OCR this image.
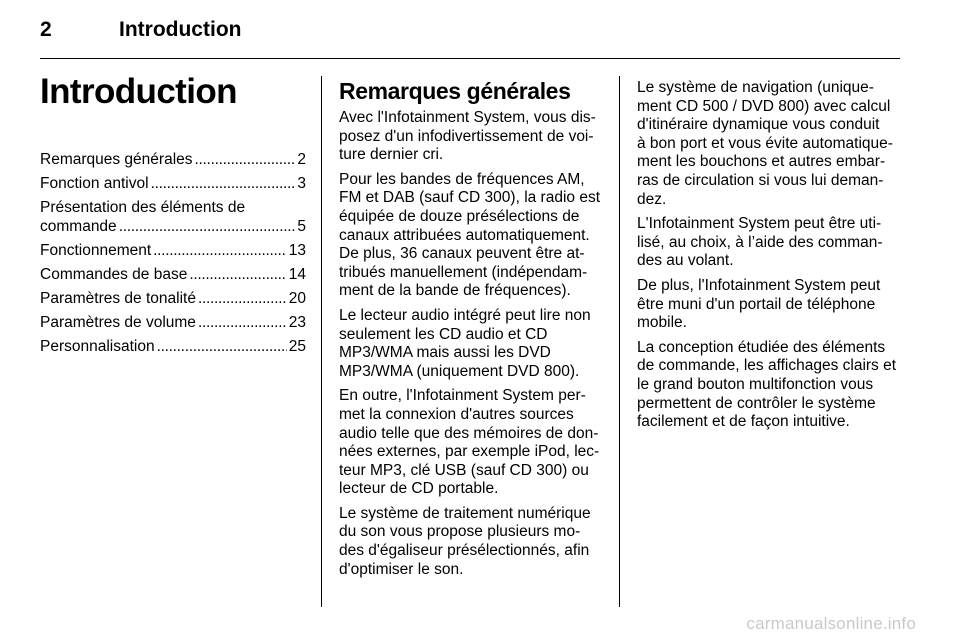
2	Introduction
Introduction
Remarques générales . . .	2
Fonction antivol . . .	3
Présentation des éléments de
commande . . .	5
Fonctionnement . . .	13
Commandes de base . . .	14
Paramètres de tonalité . . .	20
Paramètres de volume . . .	23
Personnalisation . . .	25
Remarques générales

Avec l'Infotainment System, vous dis-
posez d'un infodivertissement de voi-
ture dernier cri.

Pour les bandes de fréquences AM,
FM et DAB (sauf CD 300), la radio est
équipée de douze présélections de
canaux attribuées automatiquement.
De plus, 36 canaux peuvent être at-
tribués manuellement (indépendam-
ment de la bande de fréquences).

Le lecteur audio intégré peut lire non
seulement les CD audio et CD
MP3/WMA mais aussi les DVD
MP3/WMA (uniquement DVD 800).

En outre, l'Infotainment System per-
met la connexion d'autres sources
audio telle que des mémoires de don-
nées externes, par exemple iPod, lec-
teur MP3, clé USB (sauf CD 300) ou
lecteur de CD portable.

Le système de traitement numérique
du son vous propose plusieurs mo-
des d'égaliseur présélectionnés, afin
d'optimiser le son.

Le système de navigation (unique-
ment CD 500 / DVD 800) avec calcul
d'itinéraire dynamique vous conduit
à bon port et vous évite automatique-
ment les bouchons et autres embar-
ras de circulation si vous lui deman-
dez.

L'Infotainment System peut être uti-
lisé, au choix, à l’aide des comman-
des au volant.

De plus, l'Infotainment System peut
être muni d'un portail de téléphone
mobile.

La conception étudiée des éléments
de commande, les affichages clairs et
le grand bouton multifonction vous
permettent de contrôler le système
facilement et de façon intuitive.

carmanualsonline.info
